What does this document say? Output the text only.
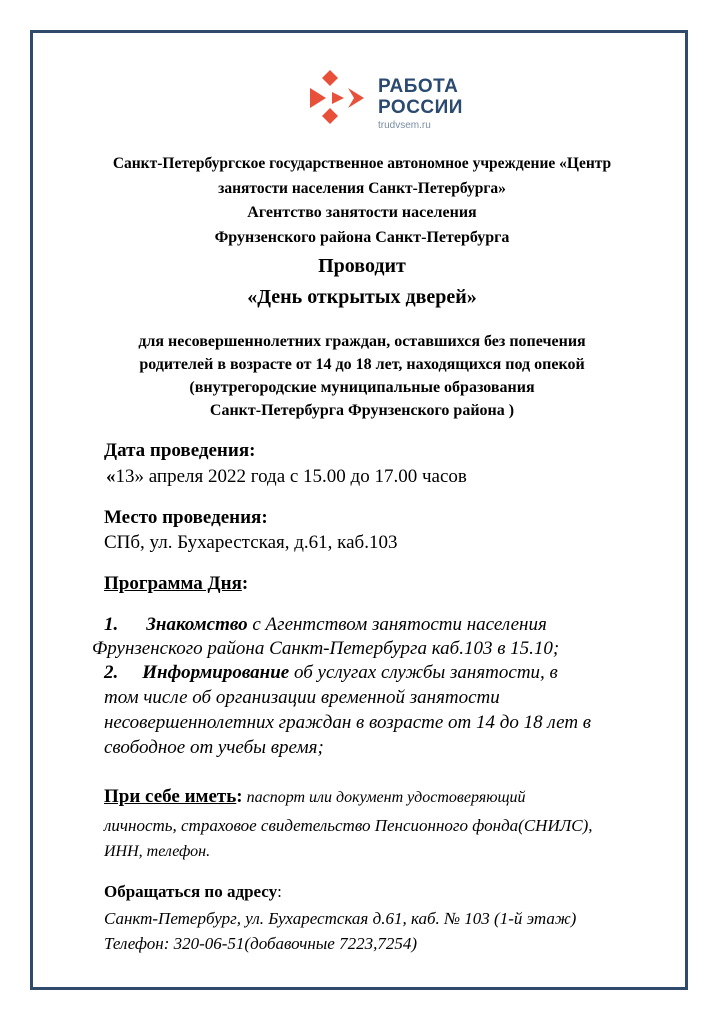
РАБОТА
РОССИИ
trudvsem.ru
Санкт-Петербургское государственное автономное учреждение «Центр
занятости населения Санкт-Петербурга»
Агентство занятости населения
Фрунзенского района Санкт-Петербурга
Проводит
«День открытых дверей»
для несовершеннолетних граждан, оставшихся без попечения
родителей в возрасте от 14 до 18 лет, находящихся под опекой
(внутрегородские муниципальные образования
Санкт-Петербурга Фрунзенского района )
Дата проведения:
«13» апреля 2022 года с 15.00 до 17.00 часов
Место проведения:
СПб, ул. Бухарестская, д.61, каб.103
Программа Дня:
1. Знакомство с Агентством занятости населения
Фрунзенского района Санкт-Петербурга каб.103 в 15.10;
2. Информирование об услугах службы занятости, в
том числе об организации временной занятости
несовершеннолетних граждан в возрасте от 14 до 18 лет в
свободное от учебы время;
При себе иметь: паспорт или документ удостоверяющий
личность, страховое свидетельство Пенсионного фонда(СНИЛС),
ИНН, телефон.
Обращаться по адресу:
Санкт-Петербург, ул. Бухарестская д.61, каб. № 103 (1-й этаж)
Телефон: 320-06-51(добавочные 7223,7254)
